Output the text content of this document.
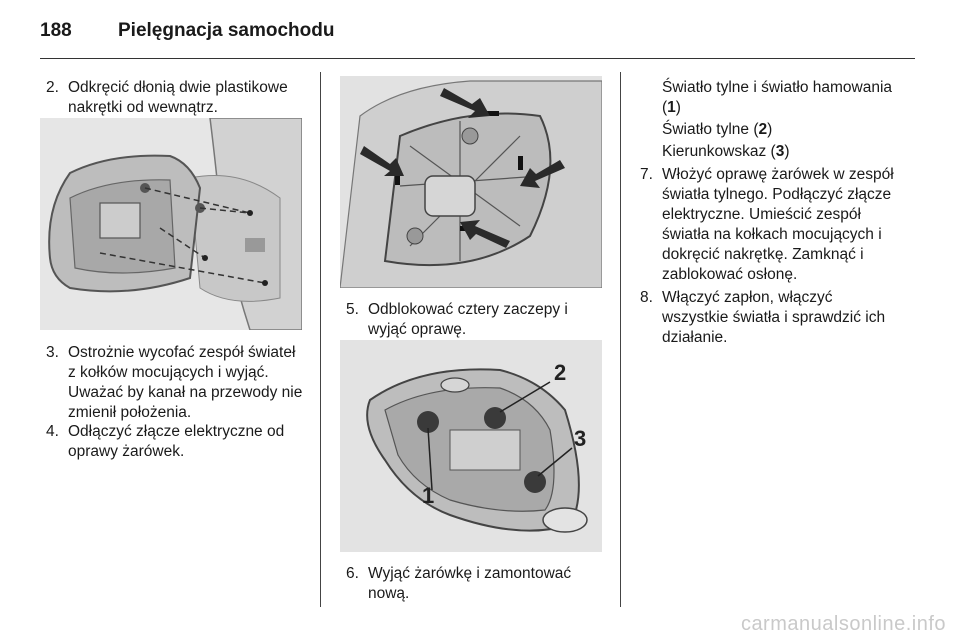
188 Pielęgnacja samochodu
2. Odkręcić dłonią dwie plastikowe
nakrętki od wewnątrz.
3. Ostrożnie wycofać zespół świateł
z kołków mocujących i wyjąć.
Uważać by kanał na przewody nie
zmienił położenia.
4. Odłączyć złącze elektryczne od
oprawy żarówek.
5. Odblokować cztery zaczepy i
wyjąć oprawę.
1
2
3
6. Wyjąć żarówkę i zamontować
nową.
Światło tylne i światło hamowania
(1)
Światło tylne (2)
Kierunkowskaz (3)
7. Włożyć oprawę żarówek w zespół
światła tylnego. Podłączyć złącze
elektryczne. Umieścić zespół
światła na kołkach mocujących i
dokręcić nakrętkę. Zamknąć i
zablokować osłonę.
8. Włączyć zapłon, włączyć
wszystkie światła i sprawdzić ich
działanie.
carmanualsonline.info
